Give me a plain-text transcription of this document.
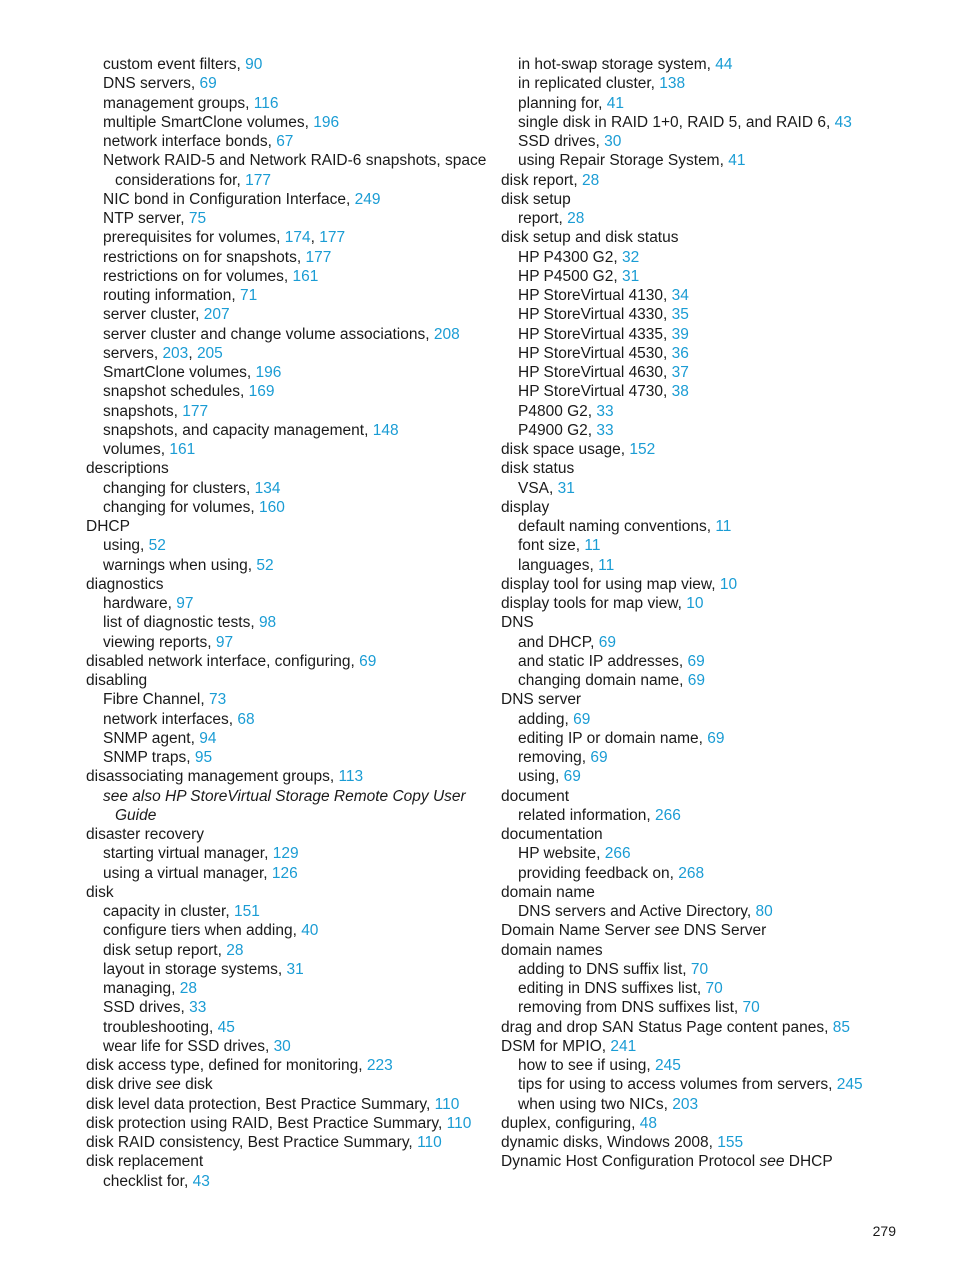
custom event filters, 90
DNS servers, 69
management groups, 116
multiple SmartClone volumes, 196
network interface bonds, 67
Network RAID-5 and Network RAID-6 snapshots, space
considerations for, 177
NIC bond in Configuration Interface, 249
NTP server, 75
prerequisites for volumes, 174, 177
restrictions on for snapshots, 177
restrictions on for volumes, 161
routing information, 71
server cluster, 207
server cluster and change volume associations, 208
servers, 203, 205
SmartClone volumes, 196
snapshot schedules, 169
snapshots, 177
snapshots, and capacity management, 148
volumes, 161
descriptions
changing for clusters, 134
changing for volumes, 160
DHCP
using, 52
warnings when using, 52
diagnostics
hardware, 97
list of diagnostic tests, 98
viewing reports, 97
disabled network interface, configuring, 69
disabling
Fibre Channel, 73
network interfaces, 68
SNMP agent, 94
SNMP traps, 95
disassociating management groups, 113
see also HP StoreVirtual Storage Remote Copy User
Guide
disaster recovery
starting virtual manager, 129
using a virtual manager, 126
disk
capacity in cluster, 151
configure tiers when adding, 40
disk setup report, 28
layout in storage systems, 31
managing, 28
SSD drives, 33
troubleshooting, 45
wear life for SSD drives, 30
disk access type, defined for monitoring, 223
disk drive see disk
disk level data protection, Best Practice Summary, 110
disk protection using RAID, Best Practice Summary, 110
disk RAID consistency, Best Practice Summary, 110
disk replacement
checklist for, 43
in hot-swap storage system, 44
in replicated cluster, 138
planning for, 41
single disk in RAID 1+0, RAID 5, and RAID 6, 43
SSD drives, 30
using Repair Storage System, 41
disk report, 28
disk setup
report, 28
disk setup and disk status
HP P4300 G2, 32
HP P4500 G2, 31
HP StoreVirtual 4130, 34
HP StoreVirtual 4330, 35
HP StoreVirtual 4335, 39
HP StoreVirtual 4530, 36
HP StoreVirtual 4630, 37
HP StoreVirtual 4730, 38
P4800 G2, 33
P4900 G2, 33
disk space usage, 152
disk status
VSA, 31
display
default naming conventions, 11
font size, 11
languages, 11
display tool for using map view, 10
display tools for map view, 10
DNS
and DHCP, 69
and static IP addresses, 69
changing domain name, 69
DNS server
adding, 69
editing IP or domain name, 69
removing, 69
using, 69
document
related information, 266
documentation
HP website, 266
providing feedback on, 268
domain name
DNS servers and Active Directory, 80
Domain Name Server see DNS Server
domain names
adding to DNS suffix list, 70
editing in DNS suffixes list, 70
removing from DNS suffixes list, 70
drag and drop SAN Status Page content panes, 85
DSM for MPIO, 241
how to see if using, 245
tips for using to access volumes from servers, 245
when using two NICs, 203
duplex, configuring, 48
dynamic disks, Windows 2008, 155
Dynamic Host Configuration Protocol see DHCP
279
